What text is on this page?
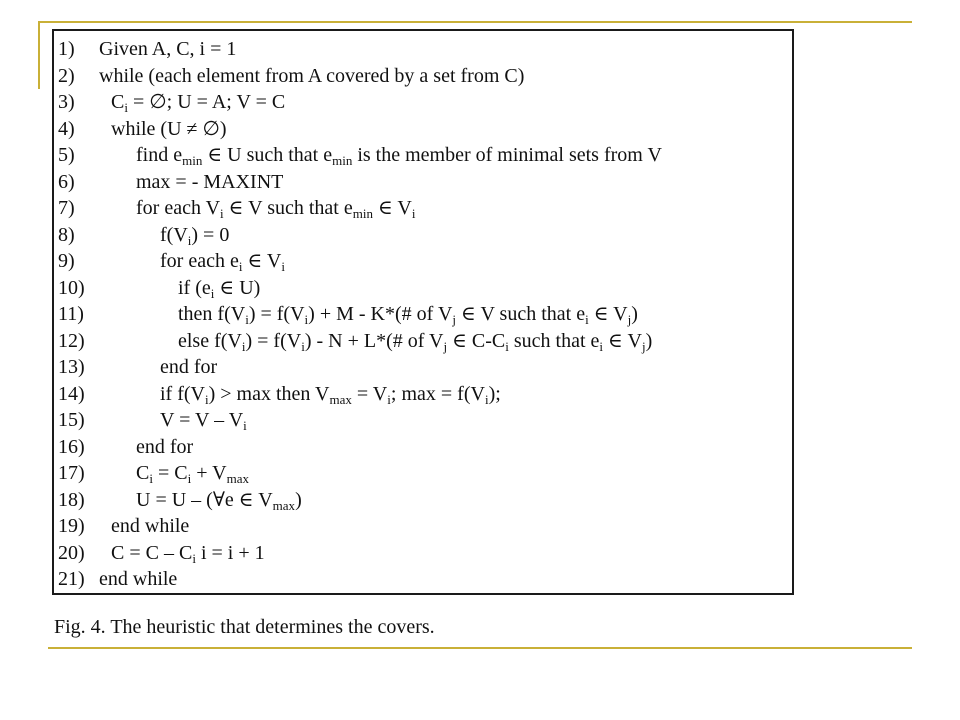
1) Given A, C, i = 1
2) while (each element from A covered by a set from C)
3) $C_i$ = ∅; U = A; V = C
4) while (U ≠ ∅)
5)	find $e_{min}$ ∈ U such that $e_{min}$ is the member of minimal sets from V
6)	max = - MAXINT
7)	for each $V_i$ ∈ V such that $e_{min}$ ∈ $V_i$
8)	$f(V_i) = 0$
9)	for each $e_i$ ∈ $V_i$
10)	if ($e_i$ ∈ U)
11)	then $f(V_i) = f(V_i) + M$ - K*(# of $V_j$ ∈ V such that $e_i$ ∈ $V_j$)
12)	else $f(V_i) = f(V_i) - N$ + L*(# of $V_j$ ∈ $C-C_i$ such that $e_i$ ∈ $V_j$)
13)	end for
14)	if $f(V_i) > \max$ then $V_{max} = V_i$; $\max = f(V_i)$;
15)	$V = V - V_i$
16)	end for
17)	$C_i = C_i + V_{max}$
18)	U = U – (∀e ∈ $V_{max}$)
19) end while
20) $C = C - C_i$ i = i + 1
21) end while
Fig. 4. The heuristic that determines the covers.
